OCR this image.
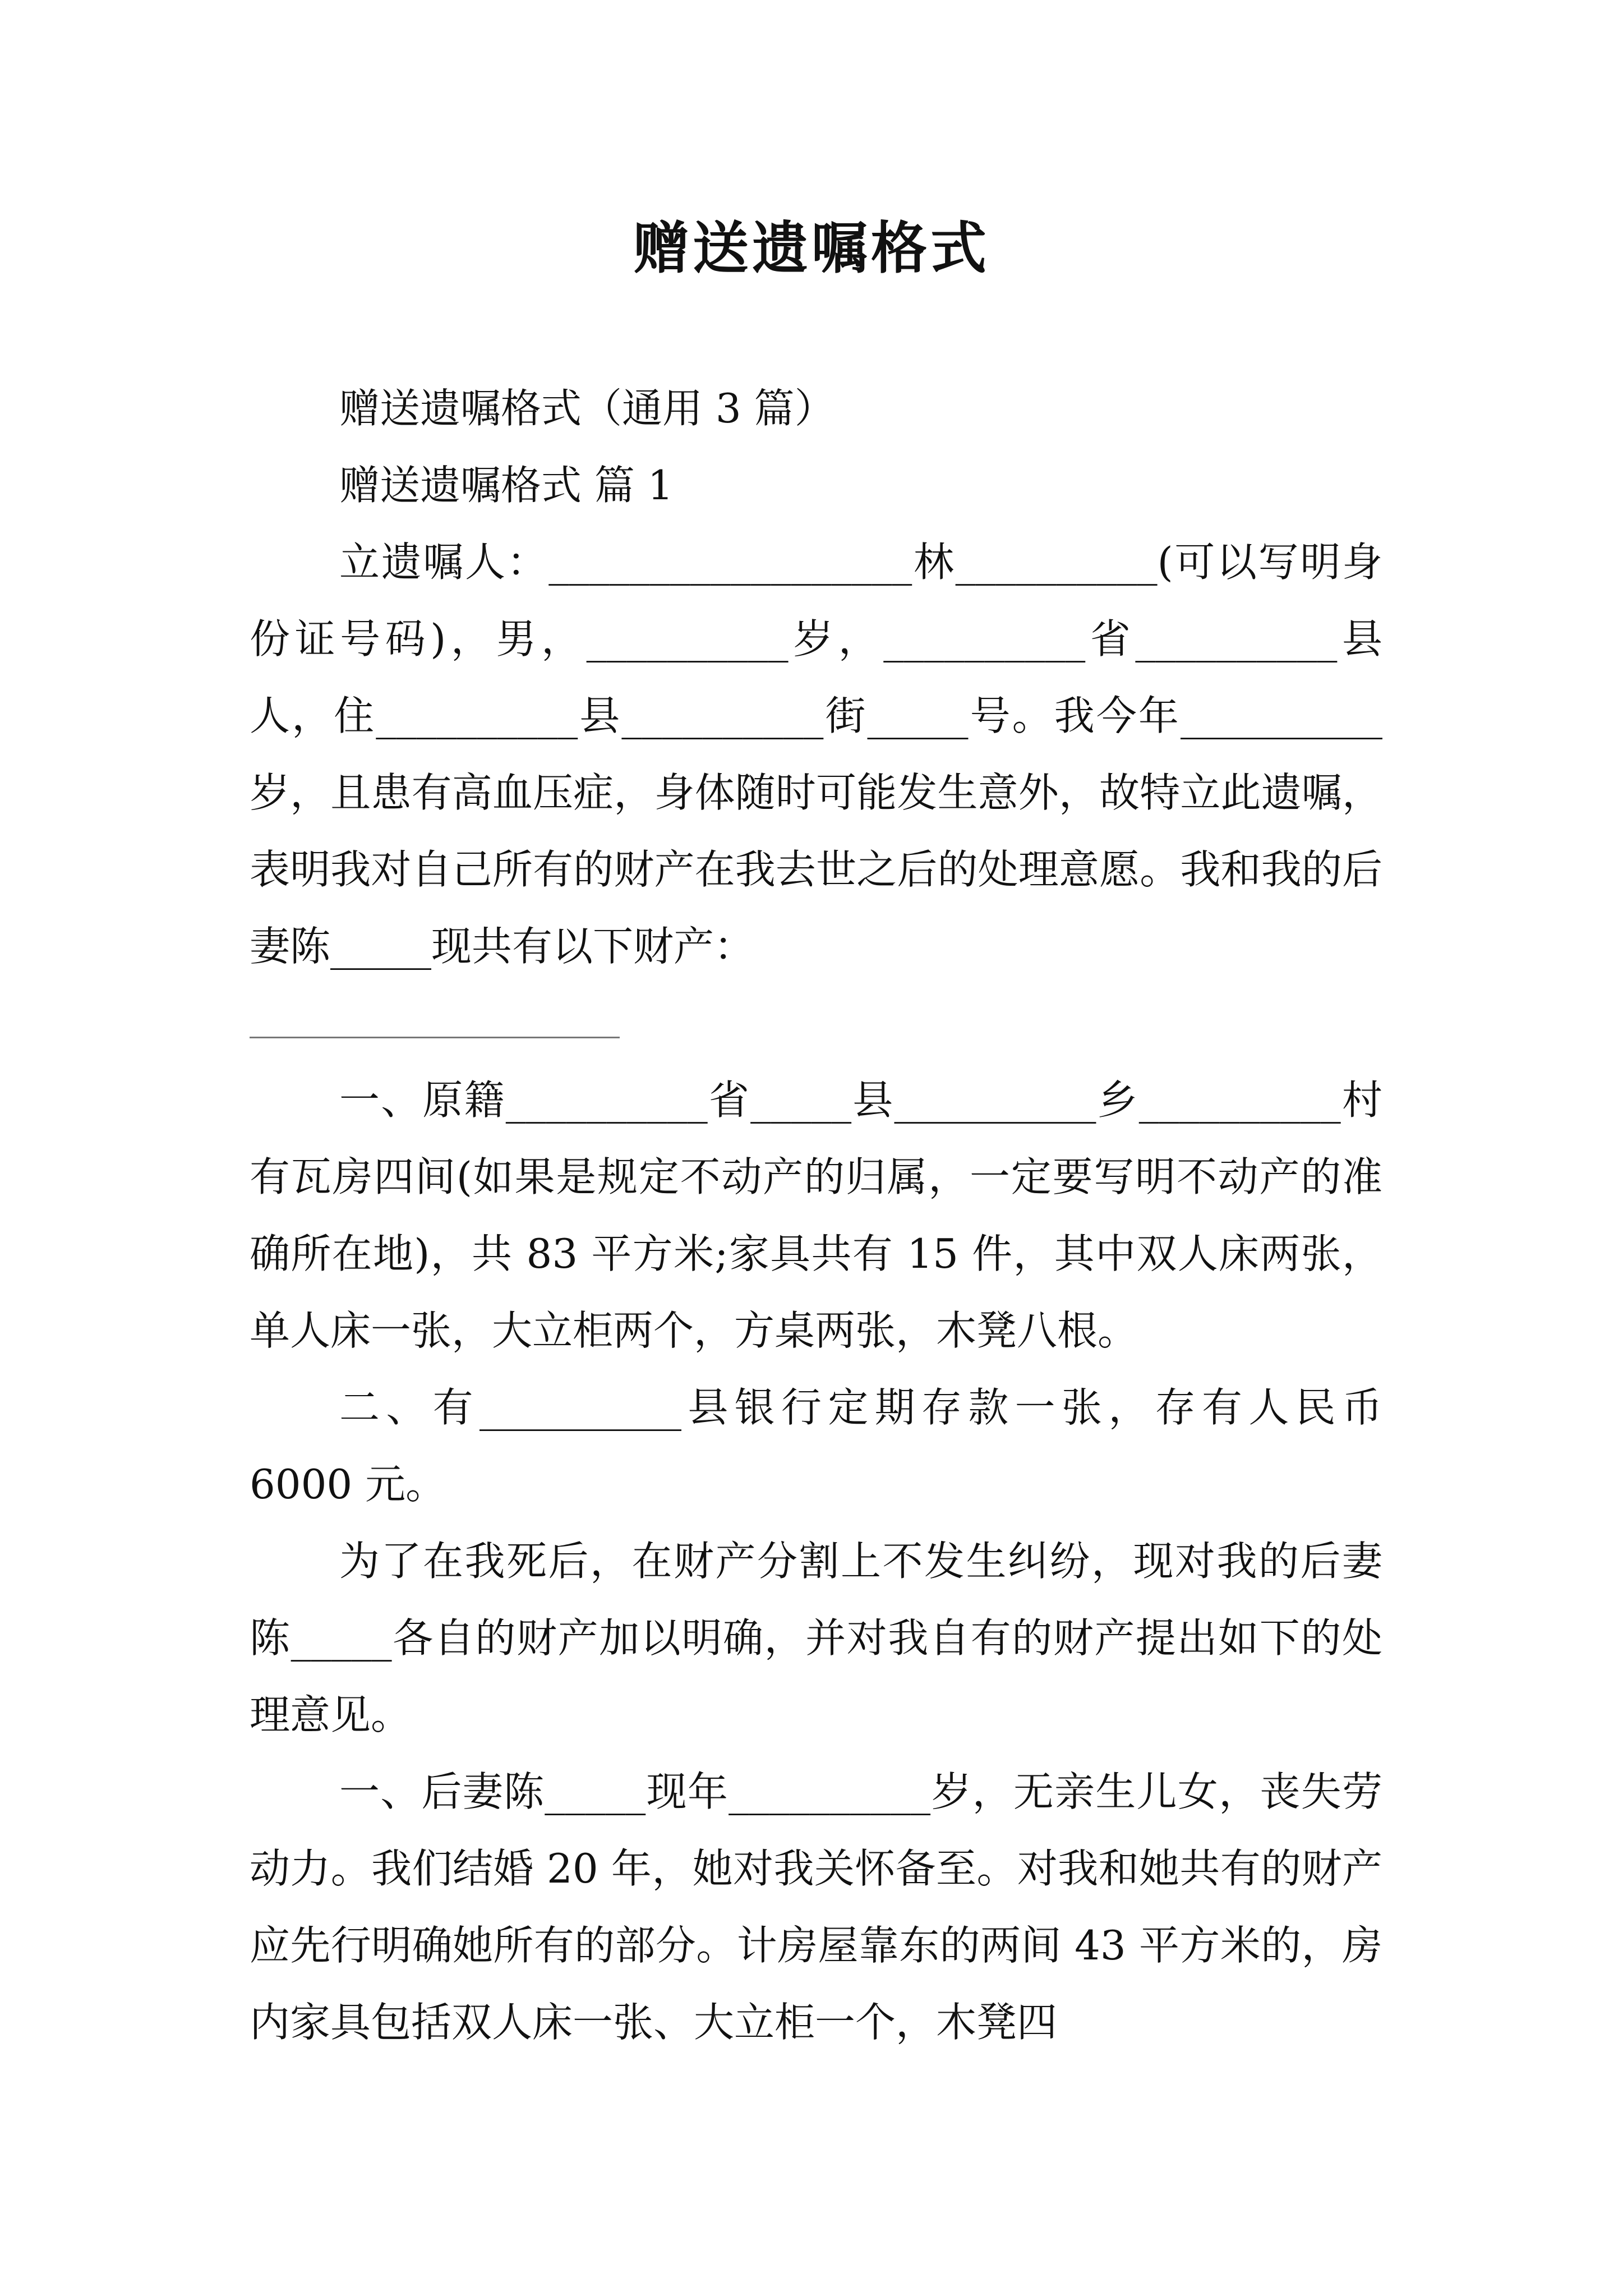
赠送遗嘱格式

赠送遗嘱格式（通用 3 篇）

赠送遗嘱格式 篇 1

立遗嘱人：__________________林__________(可以写明身份证号码)，男，__________岁，__________省__________县人，住__________县__________街_____号。我今年__________岁，且患有高血压症，身体随时可能发生意外，故特立此遗嘱，表明我对自己所有的财产在我去世之后的处理意愿。我和我的后妻陈_____现共有以下财产：

一、原籍__________省_____县__________乡__________村有瓦房四间(如果是规定不动产的归属，一定要写明不动产的准确所在地)，共 83 平方米;家具共有 15 件，其中双人床两张，单人床一张，大立柜两个，方桌两张，木凳八根。

二、有__________县银行定期存款一张，存有人民币 6000 元。

为了在我死后，在财产分割上不发生纠纷，现对我的后妻陈_____各自的财产加以明确，并对我自有的财产提出如下的处理意见。

一、后妻陈_____现年__________岁，无亲生儿女，丧失劳动力。我们结婚 20 年，她对我关怀备至。对我和她共有的财产应先行明确她所有的部分。计房屋靠东的两间 43 平方米的，房内家具包括双人床一张、大立柜一个，木凳四
